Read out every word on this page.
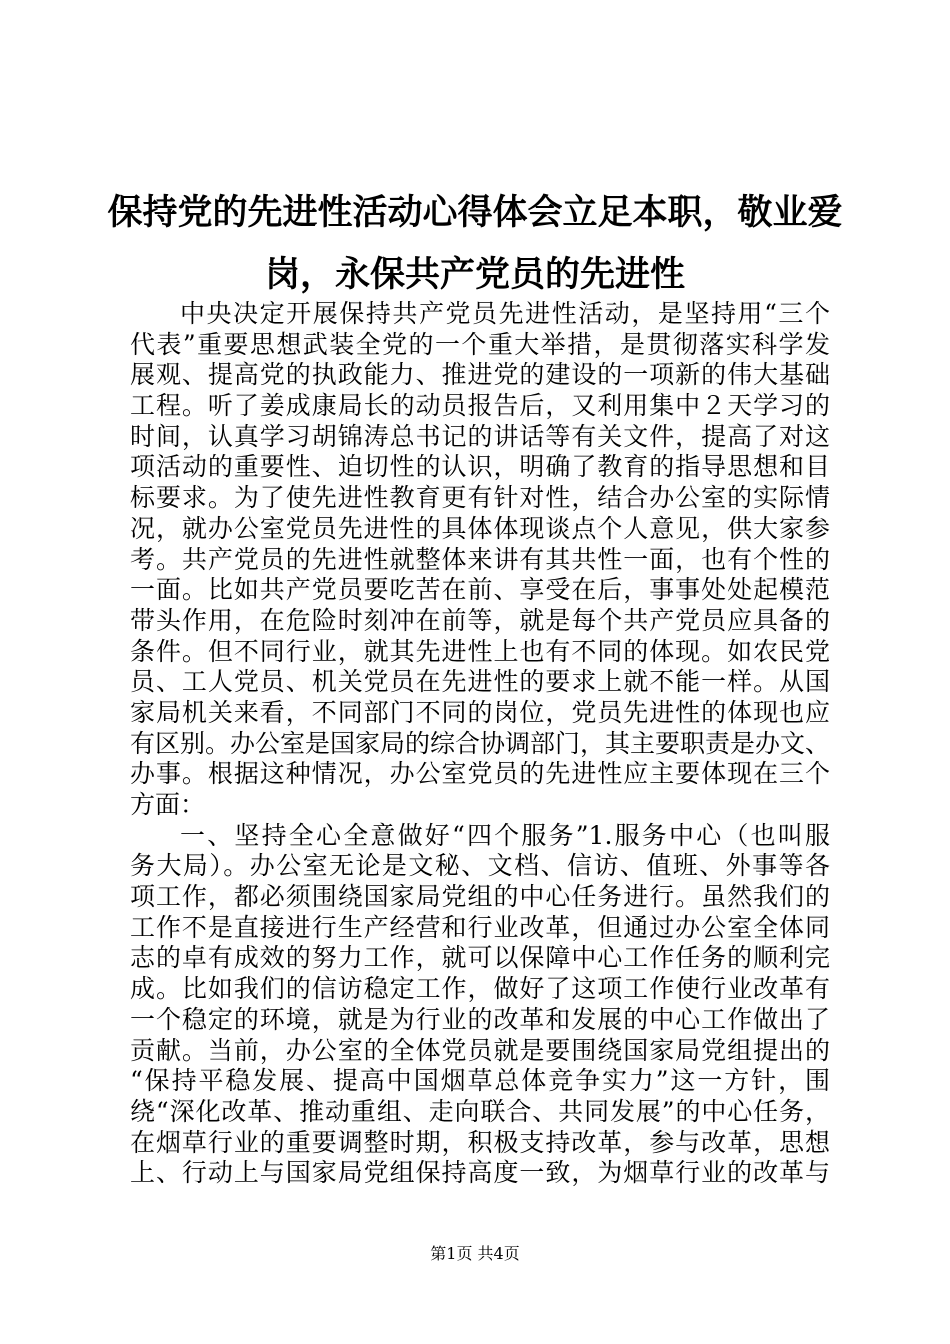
保持党的先进性活动心得体会立足本职，敬业爱岗，永保共产党员的先进性
中央决定开展保持共产党员先进性活动，是坚持用“三个
代表”重要思想武装全党的一个重大举措，是贯彻落实科学发
展观、提高党的执政能力、推进党的建设的一项新的伟大基础
工程。听了姜成康局长的动员报告后，又利用集中２天学习的
时间，认真学习胡锦涛总书记的讲话等有关文件，提高了对这
项活动的重要性、迫切性的认识，明确了教育的指导思想和目
标要求。为了使先进性教育更有针对性，结合办公室的实际情
况，就办公室党员先进性的具体体现谈点个人意见，供大家参
考。共产党员的先进性就整体来讲有其共性一面，也有个性的
一面。比如共产党员要吃苦在前、享受在后，事事处处起模范
带头作用，在危险时刻冲在前等，就是每个共产党员应具备的
条件。但不同行业，就其先进性上也有不同的体现。如农民党
员、工人党员、机关党员在先进性的要求上就不能一样。从国
家局机关来看，不同部门不同的岗位，党员先进性的体现也应
有区别。办公室是国家局的综合协调部门，其主要职责是办文、
办事。根据这种情况，办公室党员的先进性应主要体现在三个
方面：
一、坚持全心全意做好“四个服务”1.服务中心（也叫服
务大局）。办公室无论是文秘、文档、信访、值班、外事等各
项工作，都必须围绕国家局党组的中心任务进行。虽然我们的
工作不是直接进行生产经营和行业改革，但通过办公室全体同
志的卓有成效的努力工作，就可以保障中心工作任务的顺利完
成。比如我们的信访稳定工作，做好了这项工作使行业改革有
一个稳定的环境，就是为行业的改革和发展的中心工作做出了
贡献。当前，办公室的全体党员就是要围绕国家局党组提出的
“保持平稳发展、提高中国烟草总体竞争实力”这一方针，围
绕“深化改革、推动重组、走向联合、共同发展”的中心任务，
在烟草行业的重要调整时期，积极支持改革，参与改革，思想
上、行动上与国家局党组保持高度一致，为烟草行业的改革与
第1页 共4页
